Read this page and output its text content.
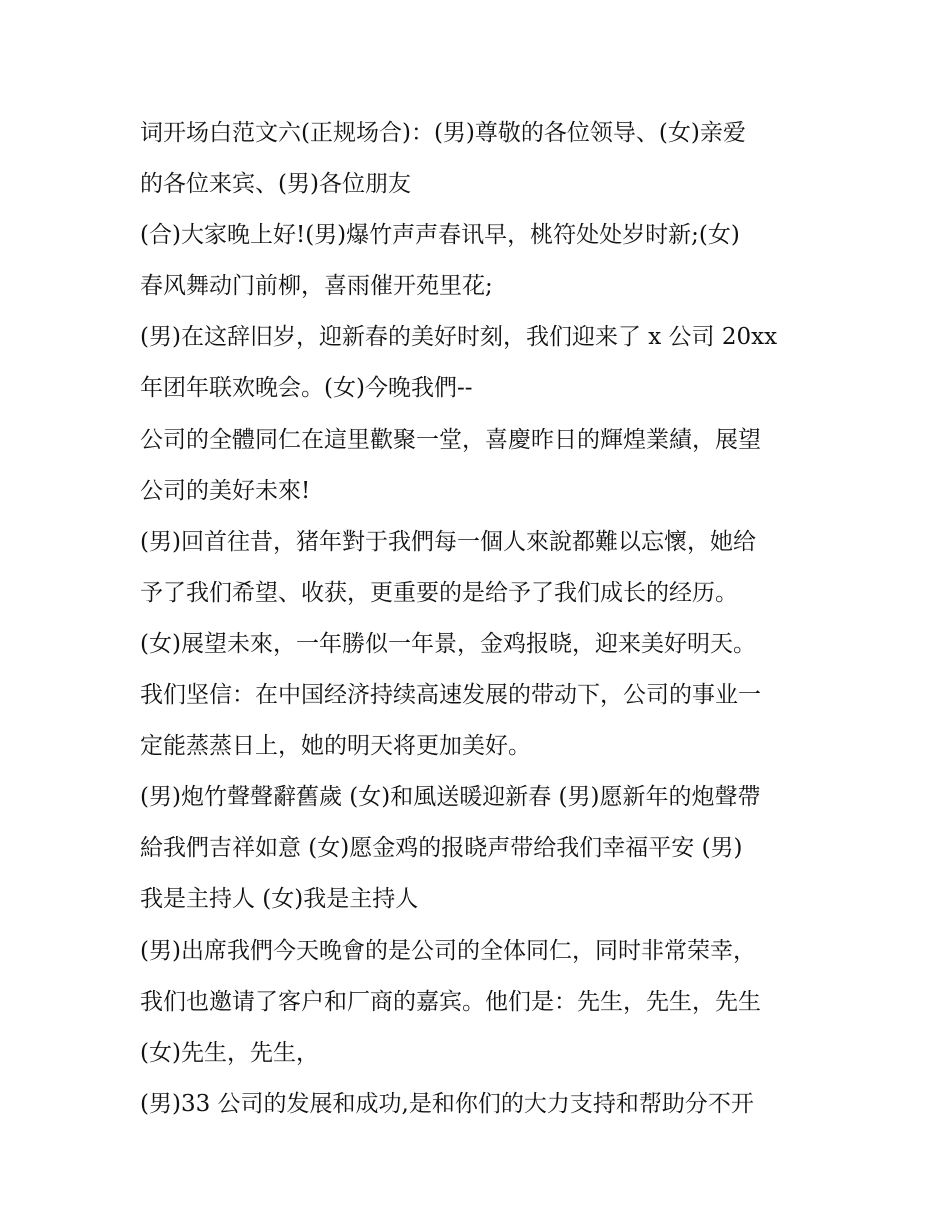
词开场白范文六(正规场合)：(男)尊敬的各位领导、(女)亲爱
的各位来宾、(男)各位朋友
(合)大家晚上好!(男)爆竹声声春讯早，桃符处处岁时新;(女)
春风舞动门前柳，喜雨催开苑里花;
(男)在这辞旧岁，迎新春的美好时刻，我们迎来了 x 公司 20xx
年团年联欢晚会。(女)今晚我們--
公司的全體同仁在這里歡聚一堂，喜慶昨日的輝煌業績，展望
公司的美好未來!
(男)回首往昔，猪年對于我們每一個人來說都難以忘懷，她给
予了我们希望、收获，更重要的是给予了我们成长的经历。
(女)展望未來，一年勝似一年景，金鸡报晓，迎来美好明天。
我们坚信：在中国经济持续高速发展的带动下，公司的事业一
定能蒸蒸日上，她的明天将更加美好。
(男)炮竹聲聲辭舊歲 (女)和風送暖迎新春 (男)愿新年的炮聲帶
給我們吉祥如意 (女)愿金鸡的报晓声带给我们幸福平安 (男)
我是主持人 (女)我是主持人
(男)出席我們今天晚會的是公司的全体同仁，同时非常荣幸，
我们也邀请了客户和厂商的嘉宾。他们是：先生，先生，先生
(女)先生，先生，
(男)33 公司的发展和成功,是和你们的大力支持和帮助分不开
